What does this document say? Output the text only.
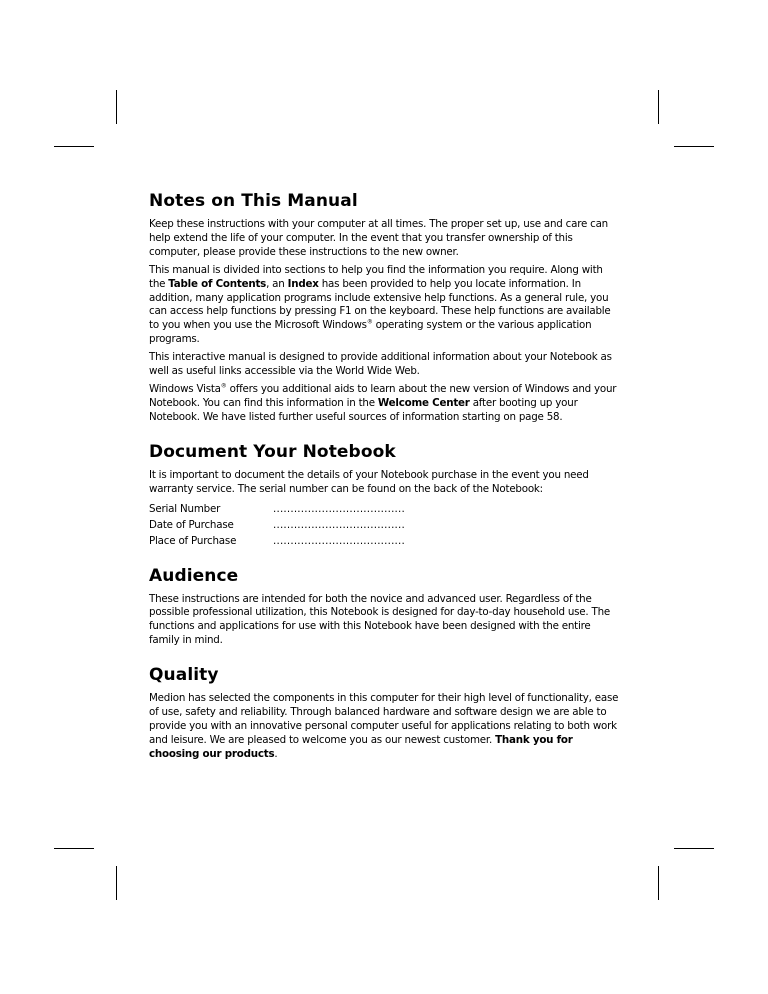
Notes on This Manual

Keep these instructions with your computer at all times. The proper set up, use and care can help extend the life of your computer. In the event that you transfer ownership of this computer, please provide these instructions to the new owner.

This manual is divided into sections to help you find the information you require. Along with the Table of Contents, an Index has been provided to help you locate information. In addition, many application programs include extensive help functions. As a general rule, you can access help functions by pressing F1 on the keyboard. These help functions are available to you when you use the Microsoft Windows® operating system or the various application programs.

This interactive manual is designed to provide additional information about your Notebook as well as useful links accessible via the World Wide Web.

Windows Vista® offers you additional aids to learn about the new version of Windows and your Notebook. You can find this information in the Welcome Center after booting up your Notebook. We have listed further useful sources of information starting on page 58.

Document Your Notebook

It is important to document the details of your Notebook purchase in the event you need warranty service. The serial number can be found on the back of the Notebook:

Serial Number	......................................
Date of Purchase	......................................
Place of Purchase	......................................
Audience

These instructions are intended for both the novice and advanced user. Regardless of the possible professional utilization, this Notebook is designed for day-to-day household use. The functions and applications for use with this Notebook have been designed with the entire family in mind.

Quality

Medion has selected the components in this computer for their high level of functionality, ease of use, safety and reliability. Through balanced hardware and software design we are able to provide you with an innovative personal computer useful for applications relating to both work and leisure. We are pleased to welcome you as our newest customer. Thank you for choosing our products.
